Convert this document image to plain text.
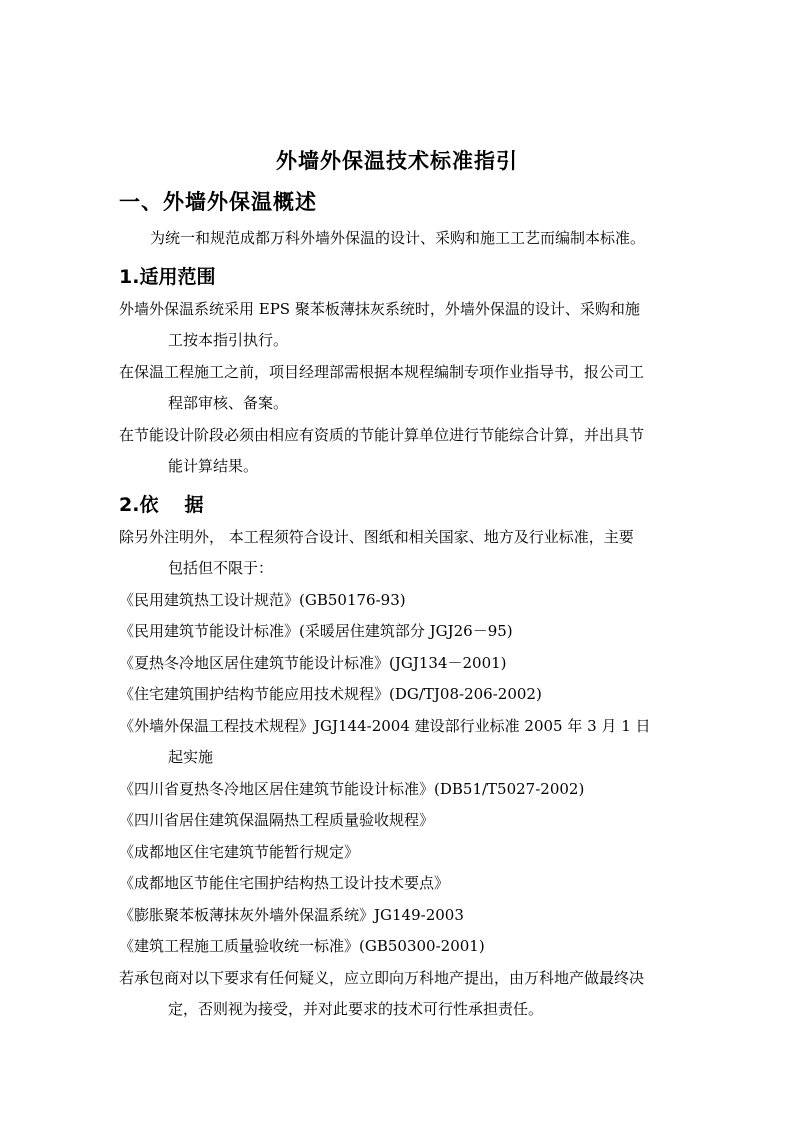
外墙外保温技术标准指引
一、外墙外保温概述
为统一和规范成都万科外墙外保温的设计、采购和施工工艺而编制本标准。
1.适用范围
外墙外保温系统采用 EPS 聚苯板薄抹灰系统时，外墙外保温的设计、采购和施
工按本指引执行。
在保温工程施工之前，项目经理部需根据本规程编制专项作业指导书，报公司工
程部审核、备案。
在节能设计阶段必须由相应有资质的节能计算单位进行节能综合计算，并出具节
能计算结果。
2.依 据
除另外注明外， 本工程须符合设计、图纸和相关国家、地方及行业标准，主要
包括但不限于：
《民用建筑热工设计规范》(GB50176-93)
《民用建筑节能设计标准》(采暖居住建筑部分 JGJ26－95)
《夏热冬冷地区居住建筑节能设计标准》(JGJ134－2001)
《住宅建筑围护结构节能应用技术规程》(DG/TJ08-206-2002)
《外墙外保温工程技术规程》JGJ144-2004 建设部行业标准 2005 年 3 月 1 日
起实施
《四川省夏热冬冷地区居住建筑节能设计标准》(DB51/T5027-2002)
《四川省居住建筑保温隔热工程质量验收规程》
《成都地区住宅建筑节能暂行规定》
《成都地区节能住宅围护结构热工设计技术要点》
《膨胀聚苯板薄抹灰外墙外保温系统》JG149-2003
《建筑工程施工质量验收统一标准》(GB50300-2001)
若承包商对以下要求有任何疑义，应立即向万科地产提出，由万科地产做最终决
定，否则视为接受，并对此要求的技术可行性承担责任。
